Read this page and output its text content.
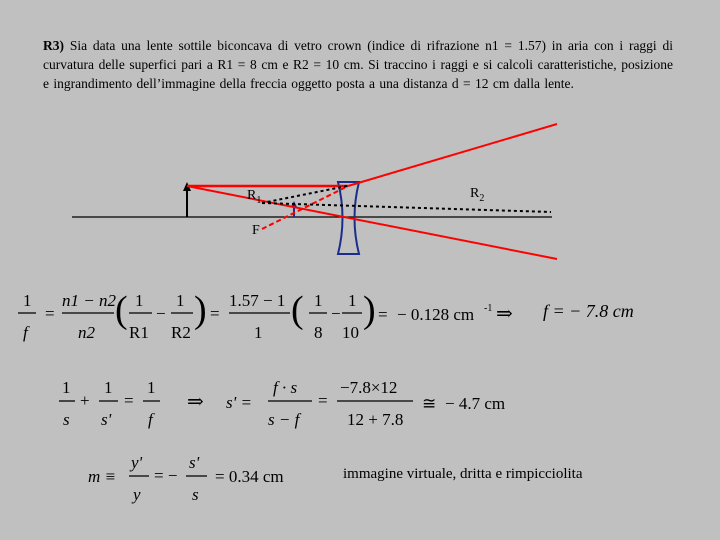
R3) Sia data una lente sottile biconcava di vetro crown (indice di rifrazione n1 = 1.57) in aria con i raggi di curvatura delle superfici pari a R1 = 8 cm e R2 = 10 cm. Si traccino i raggi e si calcoli caratteristiche, posizione e ingrandimento dell’immagine della freccia oggetto posta a una distanza d = 12 cm dalla lente.
$R_1$	$R_2$
F
1
f
=
n1 − n2
n2
( 1
R1
−
1
R2
) =
1.57 − 1
1
( 1
8
−
1
10
) = − 0.128 cm -1 ⇒ f = − 7.8 cm
1
s
+
1
s'
=
1
f
⇒ s' =
f · s
s − f
=
−7.8×12
12 + 7.8
≅ − 4.7 cm
m ≡
y'
y
= −
s'
s
= 0.34 cm	immagine virtuale, dritta e rimpicciolita
